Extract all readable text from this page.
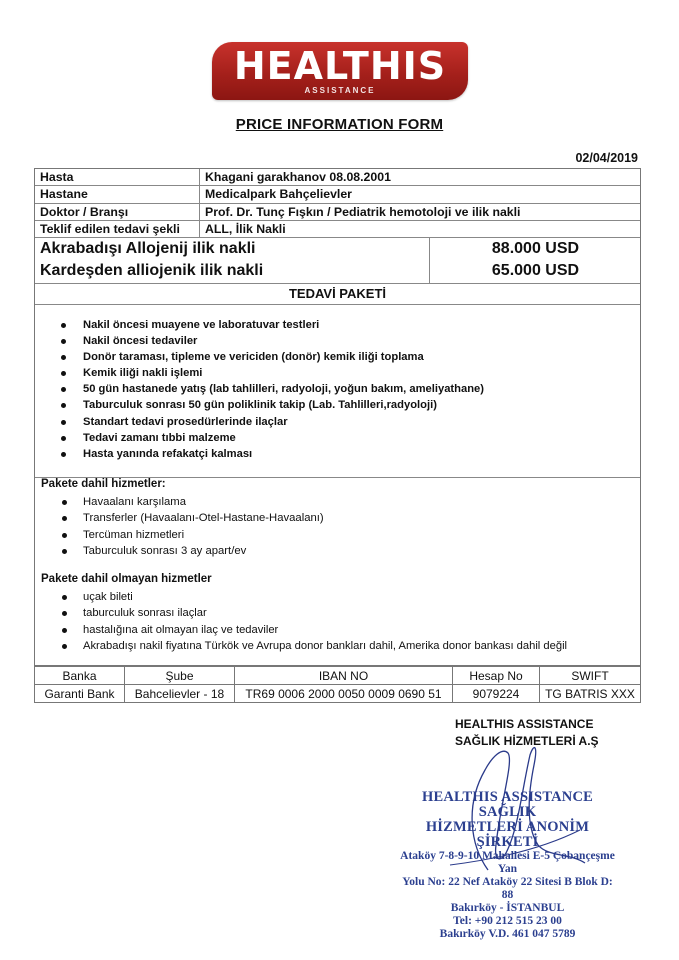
HEALTHIS
ASSISTANCE
PRICE INFORMATION FORM
02/04/2019
Hasta	Khagani garakhanov 08.08.2001
Hastane	Medicalpark Bahçelievler
Doktor / Branşı	Prof. Dr. Tunç Fışkın / Pediatrik hemotoloji ve ilik nakli
Teklif edilen tedavi şekli ALL, İlik Nakli
Akrabadışı Allojenij ilik nakli	88.000 USD
Kardeşden alliojenik ilik nakli	65.000 USD
TEDAVİ PAKETİ
Nakil öncesi muayene ve laboratuvar testleri
Nakil öncesi tedaviler
Donör taraması, tipleme ve vericiden (donör) kemik iliği toplama
Kemik iliği nakli işlemi
50 gün hastanede yatış (lab tahlilleri, radyoloji, yoğun bakım, ameliyathane)
Taburculuk sonrası 50 gün poliklinik takip (Lab. Tahlilleri,radyoloji)
Standart tedavi prosedürlerinde ilaçlar
Tedavi zamanı tıbbi malzeme
Hasta yanında refakatçi kalması
Pakete dahil hizmetler:
Havaalanı karşılama
Transferler (Havaalanı-Otel-Hastane-Havaalanı)
Tercüman hizmetleri
Taburculuk sonrası 3 ay apart/ev
Pakete dahil olmayan hizmetler
uçak bileti
taburculuk sonrası ilaçlar
hastalığına ait olmayan ilaç ve tedaviler
Akrabadışı nakil fiyatına Türkök ve Avrupa donor bankları dahil, Amerika donor bankası dahil değil
Banka	Şube	IBAN NO	Hesap No	SWIFT
Garanti Bank	Bahcelievler - 18	TR69 0006 2000 0050 0009 0690 51	9079224	TG BATRIS XXX
HEALTHIS ASSISTANCE
SAĞLIK HİZMETLERİ A.Ş
HEALTHIS ASSISTANCE SAĞLIK
HİZMETLERİ ANONİM ŞİRKETİ
Ataköy 7-8-9-10 Mahallesi E-5 Çobançeşme Yan
Yolu No: 22 Nef Ataköy 22 Sitesi B Blok D: 88
Bakırköy - İSTANBUL
Tel: +90 212 515 23 00
Bakırköy V.D. 461 047 5789
